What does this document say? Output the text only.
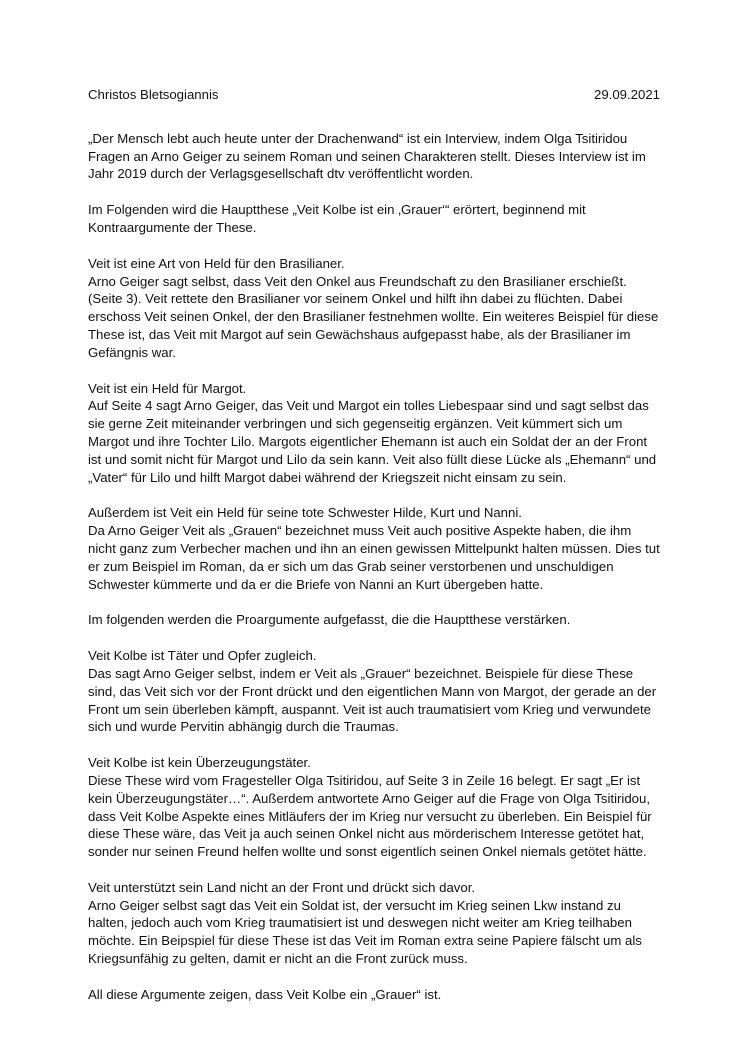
Christos Bletsogiannis	29.09.2021

„Der Mensch lebt auch heute unter der Drachenwand“ ist ein Interview, indem Olga Tsitiridou Fragen an Arno Geiger zu seinem Roman und seinen Charakteren stellt. Dieses Interview ist im Jahr 2019 durch der Verlagsgesellschaft dtv veröffentlicht worden.

Im Folgenden wird die Hauptthese „Veit Kolbe ist ein ‚Grauer‘“ erörtert, beginnend mit Kontraargumente der These.

Veit ist eine Art von Held für den Brasilianer.
Arno Geiger sagt selbst, dass Veit den Onkel aus Freundschaft zu den Brasilianer erschießt. (Seite 3). Veit rettete den Brasilianer vor seinem Onkel und hilft ihn dabei zu flüchten. Dabei erschoss Veit seinen Onkel, der den Brasilianer festnehmen wollte. Ein weiteres Beispiel für diese These ist, das Veit mit Margot auf sein Gewächshaus aufgepasst habe, als der Brasilianer im Gefängnis war.

Veit ist ein Held für Margot.
Auf Seite 4 sagt Arno Geiger, das Veit und Margot ein tolles Liebespaar sind und sagt selbst das sie gerne Zeit miteinander verbringen und sich gegenseitig ergänzen. Veit kümmert sich um Margot und ihre Tochter Lilo. Margots eigentlicher Ehemann ist auch ein Soldat der an der Front ist und somit nicht für Margot und Lilo da sein kann. Veit also füllt diese Lücke als „Ehemann“ und „Vater“ für Lilo und hilft Margot dabei während der Kriegszeit nicht einsam zu sein.

Außerdem ist Veit ein Held für seine tote Schwester Hilde, Kurt und Nanni.
Da Arno Geiger Veit als „Grauen“ bezeichnet muss Veit auch positive Aspekte haben, die ihm nicht ganz zum Verbecher machen und ihn an einen gewissen Mittelpunkt halten müssen. Dies tut er zum Beispiel im Roman, da er sich um das Grab seiner verstorbenen und unschuldigen Schwester kümmerte und da er die Briefe von Nanni an Kurt übergeben hatte.

Im folgenden werden die Proargumente aufgefasst, die die Hauptthese verstärken.

Veit Kolbe ist Täter und Opfer zugleich.
Das sagt Arno Geiger selbst, indem er Veit als „Grauer“ bezeichnet. Beispiele für diese These sind, das Veit sich vor der Front drückt und den eigentlichen Mann von Margot, der gerade an der Front um sein überleben kämpft, auspannt. Veit ist auch traumatisiert vom Krieg und verwundete sich und wurde Pervitin abhängig durch die Traumas.

Veit Kolbe ist kein Überzeugungstäter.
Diese These wird vom Fragesteller Olga Tsitiridou, auf Seite 3 in Zeile 16 belegt. Er sagt „Er ist kein Überzeugungstäter…“. Außerdem antwortete Arno Geiger auf die Frage von Olga Tsitiridou, dass Veit Kolbe Aspekte eines Mitläufers der im Krieg nur versucht zu überleben. Ein Beispiel für diese These wäre, das Veit ja auch seinen Onkel nicht aus mörderischem Interesse getötet hat, sonder nur seinen Freund helfen wollte und sonst eigentlich seinen Onkel niemals getötet hätte.

Veit unterstützt sein Land nicht an der Front und drückt sich davor.
Arno Geiger selbst sagt das Veit ein Soldat ist, der versucht im Krieg seinen Lkw instand zu halten, jedoch auch vom Krieg traumatisiert ist und deswegen nicht weiter am Krieg teilhaben möchte. Ein Beipspiel für diese These ist das Veit im Roman extra seine Papiere fälscht um als Kriegsunfähig zu gelten, damit er nicht an die Front zurück muss.

All diese Argumente zeigen, dass Veit Kolbe ein „Grauer“ ist.
